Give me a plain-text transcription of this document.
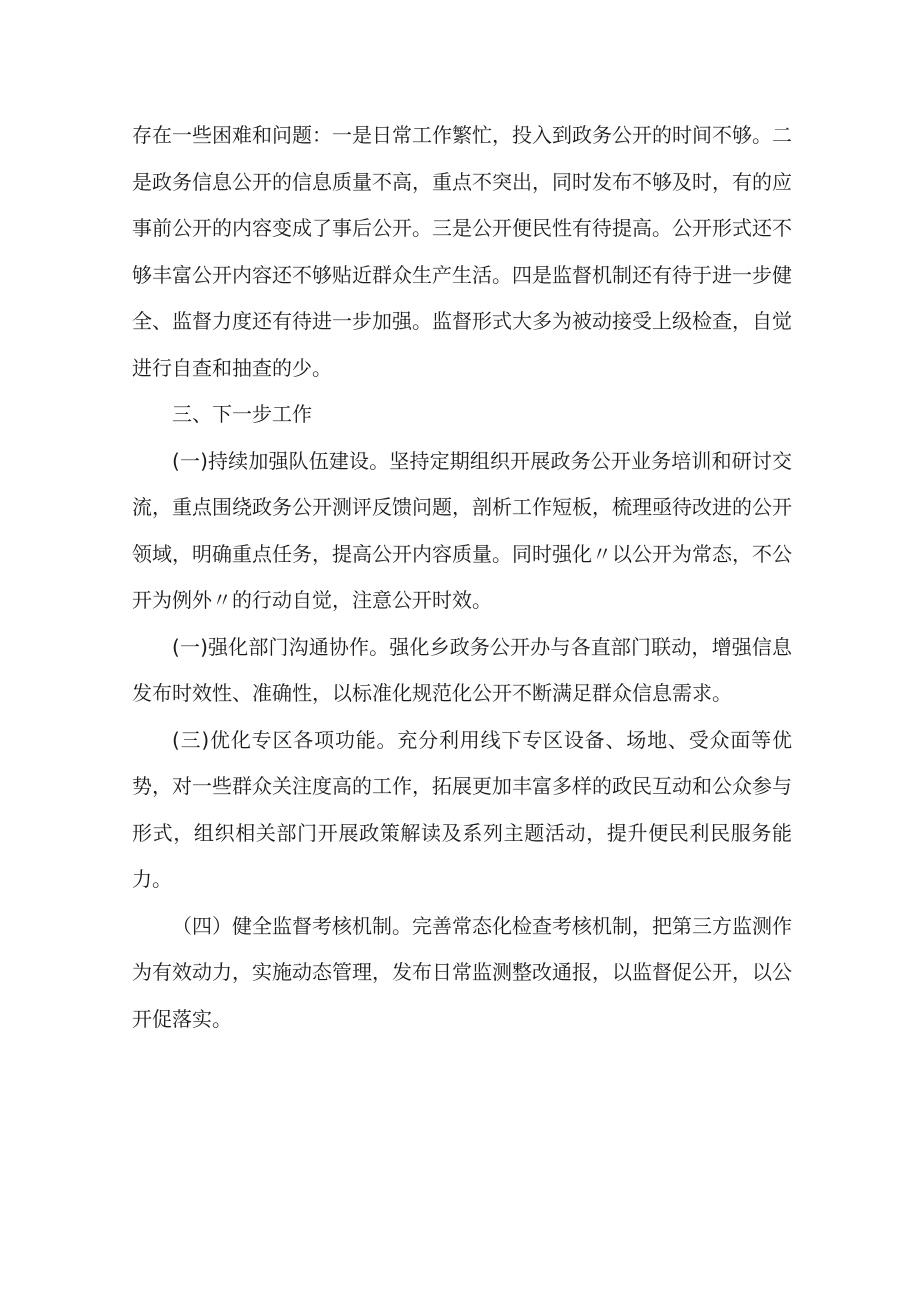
存在一些困难和问题：一是日常工作繁忙，投入到政务公开的时间不够。二是政务信息公开的信息质量不高，重点不突出，同时发布不够及时，有的应事前公开的内容变成了事后公开。三是公开便民性有待提高。公开形式还不够丰富公开内容还不够贴近群众生产生活。四是监督机制还有待于进一步健全、监督力度还有待进一步加强。监督形式大多为被动接受上级检查，自觉进行自查和抽查的少。

三、下一步工作

(一)持续加强队伍建设。坚持定期组织开展政务公开业务培训和研讨交流，重点围绕政务公开测评反馈问题，剖析工作短板，梳理亟待改进的公开领域，明确重点任务，提高公开内容质量。同时强化〃以公开为常态，不公开为例外〃的行动自觉，注意公开时效。

(一)强化部门沟通协作。强化乡政务公开办与各直部门联动，增强信息发布时效性、准确性，以标准化规范化公开不断满足群众信息需求。

(三)优化专区各项功能。充分利用线下专区设备、场地、受众面等优势，对一些群众关注度高的工作，拓展更加丰富多样的政民互动和公众参与形式，组织相关部门开展政策解读及系列主题活动，提升便民利民服务能力。

（四）健全监督考核机制。完善常态化检查考核机制，把第三方监测作为有效动力，实施动态管理，发布日常监测整改通报，以监督促公开，以公开促落实。
